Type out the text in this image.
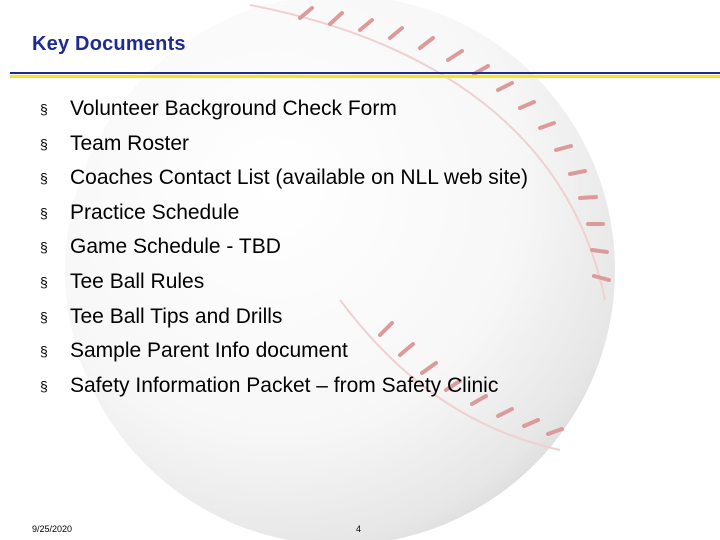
Key Documents
§ Volunteer Background Check Form
§ Team Roster
§ Coaches Contact List (available on NLL web site)
§ Practice Schedule
§ Game Schedule - TBD
§ Tee Ball Rules
§ Tee Ball Tips and Drills
§ Sample Parent Info document
§ Safety Information Packet – from Safety Clinic
9/25/2020	4
